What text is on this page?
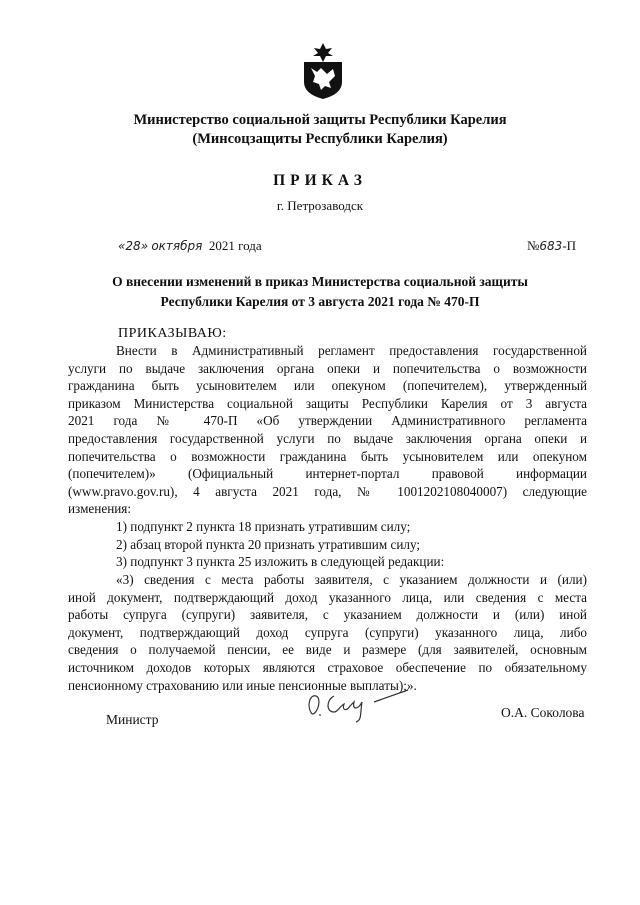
Министерство социальной защиты Республики Карелия
(Минсоцзащиты Республики Карелия)
ПРИКАЗ
г. Петрозаводск
«28» октября 2021 года	№683-П
О внесении изменений в приказ Министерства социальной защиты
Республики Карелия от 3 августа 2021 года № 470-П
ПРИКАЗЫВАЮ:
Внести в Административный регламент предоставления государственной
услуги по выдаче заключения органа опеки и попечительства о возможности
гражданина быть усыновителем или опекуном (попечителем), утвержденный
приказом Министерства социальной защиты Республики Карелия от 3 августа
2021 года № 470-П «Об утверждении Административного регламента
предоставления государственной услуги по выдаче заключения органа опеки и
попечительства о возможности гражданина быть усыновителем или опекуном
(попечителем)» (Официальный интернет-портал правовой информации
(www.pravo.gov.ru), 4 августа 2021 года, № 1001202108040007) следующие
изменения:
1) подпункт 2 пункта 18 признать утратившим силу;
2) абзац второй пункта 20 признать утратившим силу;
3) подпункт 3 пункта 25 изложить в следующей редакции:
«3) сведения с места работы заявителя, с указанием должности и (или)
иной документ, подтверждающий доход указанного лица, или сведения с места
работы супруга (супруги) заявителя, с указанием должности и (или) иной
документ, подтверждающий доход супруга (супруги) указанного лица, либо
сведения о получаемой пенсии, ее виде и размере (для заявителей, основным
источником доходов которых являются страховое обеспечение по обязательному
пенсионному страхованию или иные пенсионные выплаты);».
Министр	О.А. Соколова
